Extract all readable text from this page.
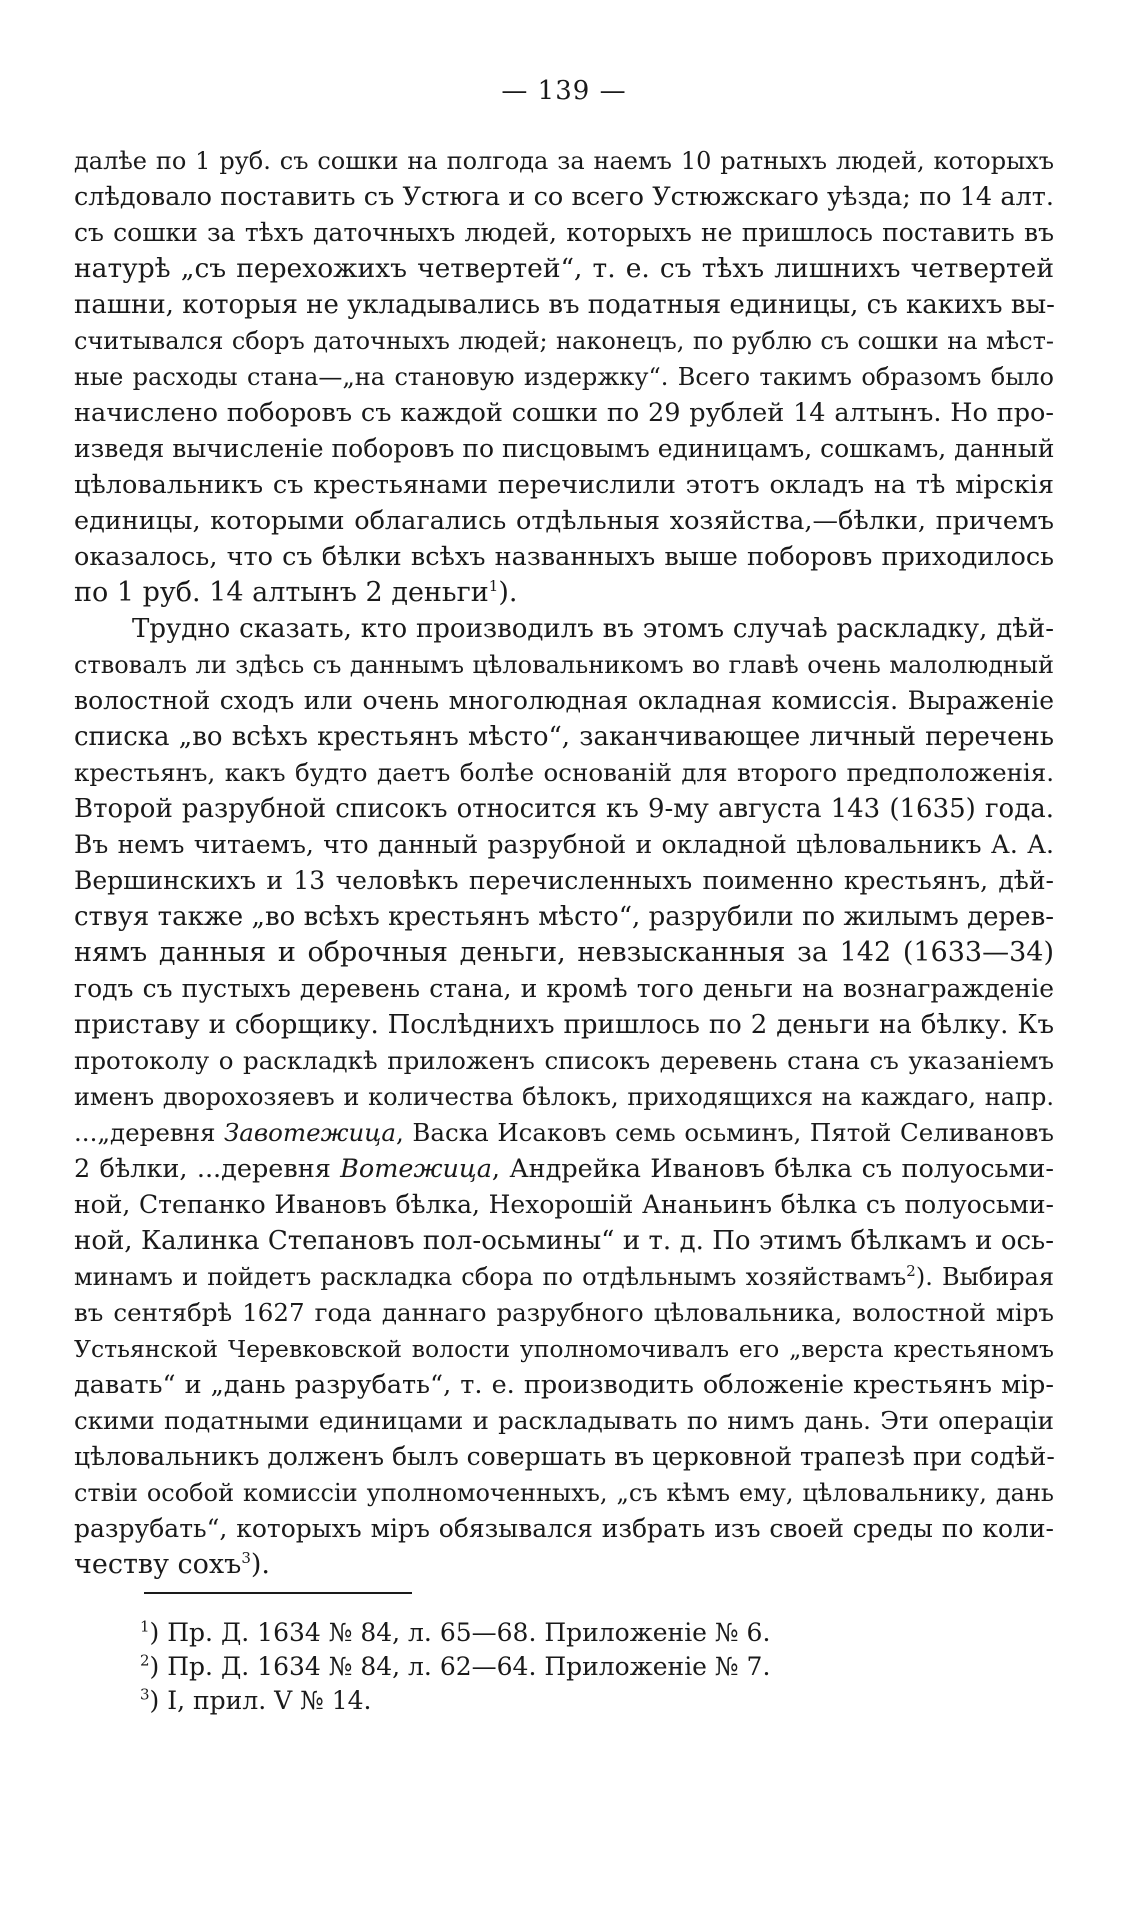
— 139 —
далѣе по 1 руб. съ сошки на полгода за наемъ 10 ратныхъ людей, которыхъ
слѣдовало поставить съ Устюга и со всего Устюжскаго уѣзда; по 14 алт.
съ сошки за тѣхъ даточныхъ людей, которыхъ не пришлось поставить въ
натурѣ „съ перехожихъ четвертей“, т. е. съ тѣхъ лишнихъ четвертей
пашни, которыя не укладывались въ податныя единицы, съ какихъ вы-
считывался сборъ даточныхъ людей; наконецъ, по рублю съ сошки на мѣст-
ные расходы стана—„на становую издержку“. Всего такимъ образомъ было
начислено поборовъ съ каждой сошки по 29 рублей 14 алтынъ. Но про-
изведя вычисленіе поборовъ по писцовымъ единицамъ, сошкамъ, данный
цѣловальникъ съ крестьянами перечислили этотъ окладъ на тѣ мірскія
единицы, которыми облагались отдѣльныя хозяйства,—бѣлки, причемъ
оказалось, что съ бѣлки всѣхъ названныхъ выше поборовъ приходилось
по 1 руб. 14 алтынъ 2 деньги$^1$).
Трудно сказать, кто производилъ въ этомъ случаѣ раскладку, дѣй-
ствовалъ ли здѣсь съ даннымъ цѣловальникомъ во главѣ очень малолюдный
волостной сходъ или очень многолюдная окладная комиссія. Выраженіе
списка „во всѣхъ крестьянъ мѣсто“, заканчивающее личный перечень
крестьянъ, какъ будто даетъ болѣе основаній для второго предположенія.
Второй разрубной списокъ относится къ 9-му августа 143 (1635) года.
Въ немъ читаемъ, что данный разрубной и окладной цѣловальникъ А. А.
Вершинскихъ и 13 человѣкъ перечисленныхъ поименно крестьянъ, дѣй-
ствуя также „во всѣхъ крестьянъ мѣсто“, разрубили по жилымъ дерев-
нямъ данныя и оброчныя деньги, невзысканныя за 142 (1633—34)
годъ съ пустыхъ деревень стана, и кромѣ того деньги на вознагражденіе
приставу и сборщику. Послѣднихъ пришлось по 2 деньги на бѣлку. Къ
протоколу о раскладкѣ приложенъ списокъ деревень стана съ указаніемъ
именъ дворохозяевъ и количества бѣлокъ, приходящихся на каждаго, напр.
...„деревня Завотежица, Васка Исаковъ семь осьминъ, Пятой Селивановъ
2 бѣлки, ...деревня Вотежица, Андрейка Ивановъ бѣлка съ полуосьми-
ной, Степанко Ивановъ бѣлка, Нехорошій Ананьинъ бѣлка съ полуосьми-
ной, Калинка Степановъ пол-осьмины“ и т. д. По этимъ бѣлкамъ и ось-
минамъ и пойдетъ раскладка сбора по отдѣльнымъ хозяйствамъ$^2$). Выбирая
въ сентябрѣ 1627 года даннаго разрубного цѣловальника, волостной міръ
Устьянской Черевковской волости уполномочивалъ его „верста крестьяномъ
давать“ и „дань разрубать“, т. е. производить обложеніе крестьянъ мір-
скими податными единицами и раскладывать по нимъ дань. Эти операціи
цѣловальникъ долженъ былъ совершать въ церковной трапезѣ при содѣй-
ствіи особой комиссіи уполномоченныхъ, „съ кѣмъ ему, цѣловальнику, дань
разрубать“, которыхъ міръ обязывался избрать изъ своей среды по коли-
честву сохъ$^3$).
$^1$) Пр. Д. 1634 № 84, л. 65—68. Приложеніе № 6.
$^2$) Пр. Д. 1634 № 84, л. 62—64. Приложеніе № 7.
$^3$) I, прил. V № 14.
